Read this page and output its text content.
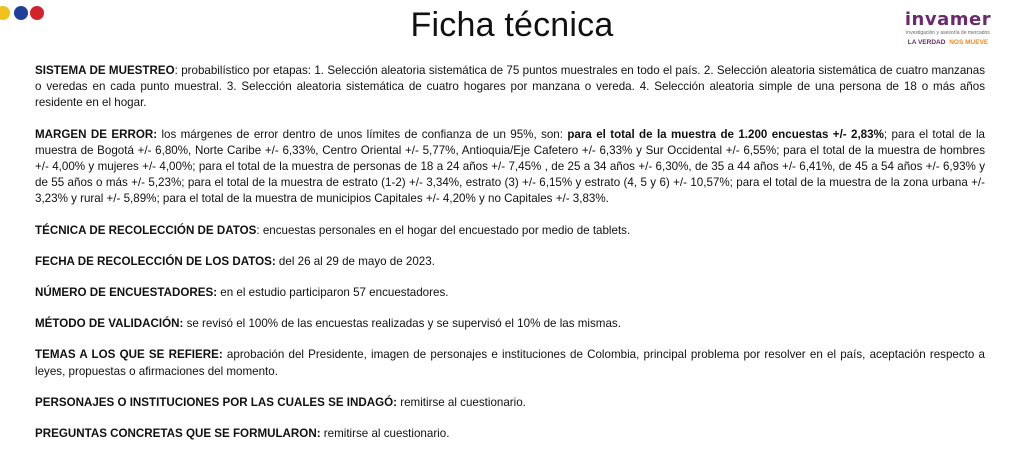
Ficha técnica	invamer
investigación y asesoría de mercados
LA VERDAD NOS MUEVE

SISTEMA DE MUESTREO: probabilístico por etapas: 1. Selección aleatoria sistemática de 75 puntos muestrales en todo el país. 2. Selección aleatoria sistemática de cuatro manzanas o veredas en cada punto muestral. 3. Selección aleatoria sistemática de cuatro hogares por manzana o vereda. 4. Selección aleatoria simple de una persona de 18 o más años residente en el hogar.

MARGEN DE ERROR: los márgenes de error dentro de unos límites de confianza de un 95%, son: para el total de la muestra de 1.200 encuestas +/- 2,83%; para el total de la muestra de Bogotá +/- 6,80%, Norte Caribe +/- 6,33%, Centro Oriental +/- 5,77%, Antioquia/Eje Cafetero +/- 6,33% y Sur Occidental +/- 6,55%; para el total de la muestra de hombres +/- 4,00% y mujeres +/- 4,00%; para el total de la muestra de personas de 18 a 24 años +/- 7,45% , de 25 a 34 años +/- 6,30%, de 35 a 44 años +/- 6,41%, de 45 a 54 años +/- 6,93% y de 55 años o más +/- 5,23%; para el total de la muestra de estrato (1-2) +/- 3,34%, estrato (3) +/- 6,15% y estrato (4, 5 y 6) +/- 10,57%; para el total de la muestra de la zona urbana +/- 3,23% y rural +/- 5,89%; para el total de la muestra de municipios Capitales +/- 4,20% y no Capitales +/- 3,83%.

TÉCNICA DE RECOLECCIÓN DE DATOS: encuestas personales en el hogar del encuestado por medio de tablets.

FECHA DE RECOLECCIÓN DE LOS DATOS: del 26 al 29 de mayo de 2023.

NÚMERO DE ENCUESTADORES: en el estudio participaron 57 encuestadores.

MÉTODO DE VALIDACIÓN: se revisó el 100% de las encuestas realizadas y se supervisó el 10% de las mismas.

TEMAS A LOS QUE SE REFIERE: aprobación del Presidente, imagen de personajes e instituciones de Colombia, principal problema por resolver en el país, aceptación respecto a leyes, propuestas o afirmaciones del momento.

PERSONAJES O INSTITUCIONES POR LAS CUALES SE INDAGÓ: remitirse al cuestionario.

PREGUNTAS CONCRETAS QUE SE FORMULARON: remitirse al cuestionario.
